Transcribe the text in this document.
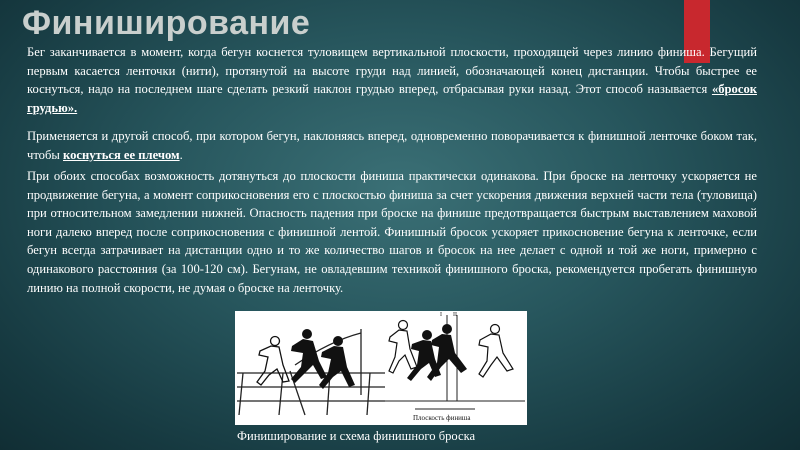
Финиширование

Бег заканчивается в момент, когда бегун коснется туловищем вертикальной плоскости, проходящей через линию финиша. Бегущий первым касается ленточки (нити), протянутой на высоте груди над линией, обозначающей конец дистанции. Чтобы быстрее ее коснуться, надо на последнем шаге сделать резкий наклон грудью вперед, отбрасывая руки назад. Этот способ называется «бросок грудью».

Применяется и другой способ, при котором бегун, наклоняясь вперед, одновременно поворачивается к финишной ленточке боком так, чтобы коснуться ее плечом.

При обоих способах возможность дотянуться до плоскости финиша практически одинакова. При броске на ленточку ускоряется не продвижение бегуна, а момент соприкосновения его с плоскостью финиша за счет ускорения движения верхней части тела (туловища) при относительном замедлении нижней. Опасность падения при броске на финише предотвращается быстрым выставлением маховой ноги далеко вперед после соприкосновения с финишной лентой. Финишный бросок ускоряет прикосновение бегуна к ленточке, если бегун всегда затрачивает на дистанции одно и то же количество шагов и бросок на нее делает с одной и той же ноги, примерно с одинакового расстояния (за 100-120 см). Бегунам, не овладевшим техникой финишного броска, рекомендуется пробегать финишную линию на полной скорости, не думая о броске на ленточку.

I II
Плоскость финиша

Финиширование и схема финишного броска
